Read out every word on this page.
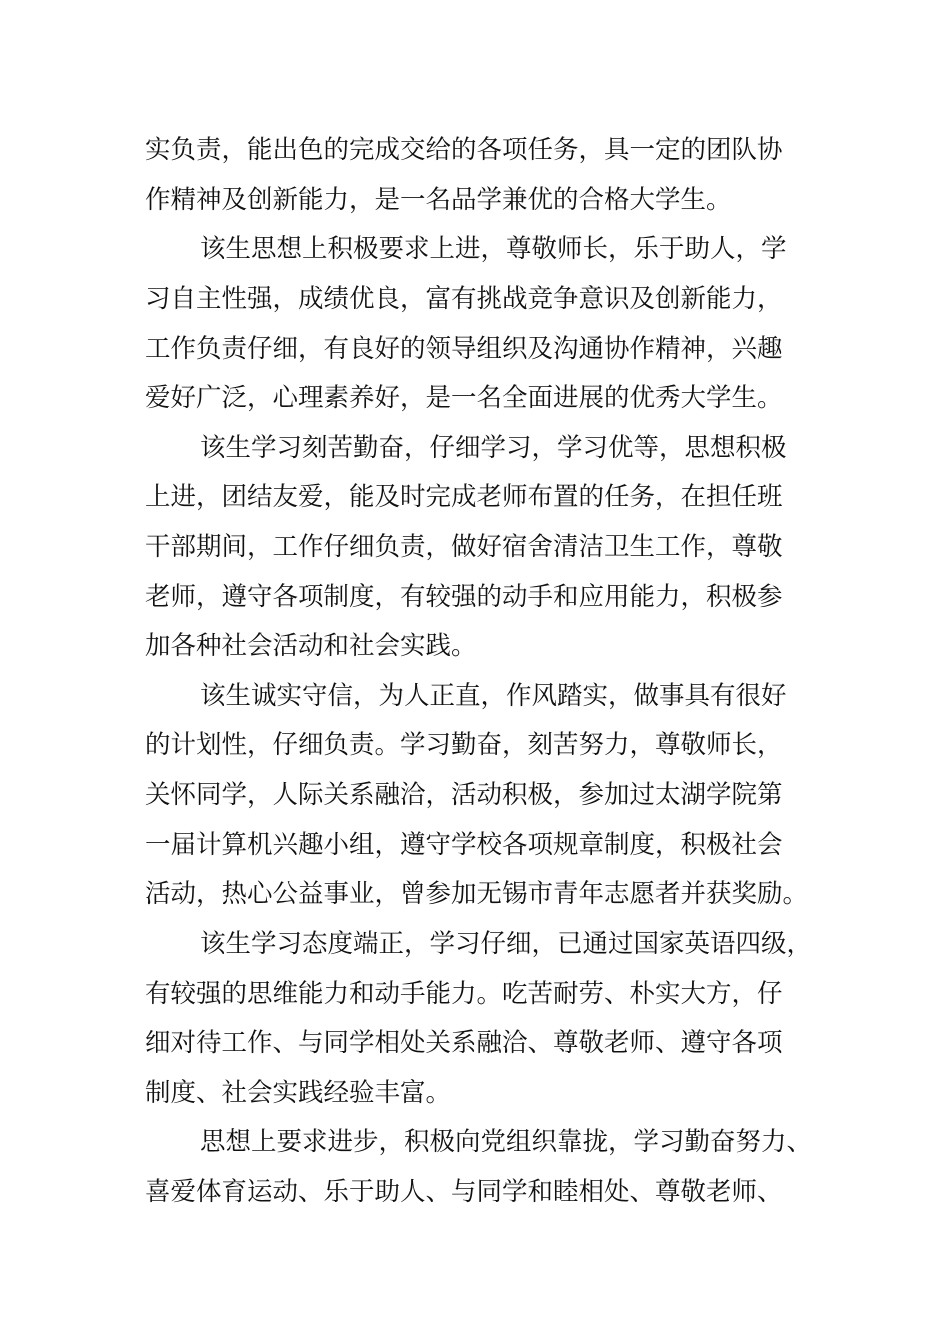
实负责，能出色的完成交给的各项任务，具一定的团队协
作精神及创新能力，是一名品学兼优的合格大学生。
该生思想上积极要求上进，尊敬师长，乐于助人，学
习自主性强，成绩优良，富有挑战竞争意识及创新能力，
工作负责仔细，有良好的领导组织及沟通协作精神，兴趣
爱好广泛，心理素养好，是一名全面进展的优秀大学生。
该生学习刻苦勤奋，仔细学习，学习优等，思想积极
上进，团结友爱，能及时完成老师布置的任务，在担任班
干部期间，工作仔细负责，做好宿舍清洁卫生工作，尊敬
老师，遵守各项制度，有较强的动手和应用能力，积极参
加各种社会活动和社会实践。
该生诚实守信，为人正直，作风踏实，做事具有很好
的计划性，仔细负责。学习勤奋，刻苦努力，尊敬师长，
关怀同学，人际关系融洽，活动积极，参加过太湖学院第
一届计算机兴趣小组，遵守学校各项规章制度，积极社会
活动，热心公益事业，曾参加无锡市青年志愿者并获奖励。
该生学习态度端正，学习仔细，已通过国家英语四级，
有较强的思维能力和动手能力。吃苦耐劳、朴实大方，仔
细对待工作、与同学相处关系融洽、尊敬老师、遵守各项
制度、社会实践经验丰富。
思想上要求进步，积极向党组织靠拢，学习勤奋努力、
喜爱体育运动、乐于助人、与同学和睦相处、尊敬老师、
